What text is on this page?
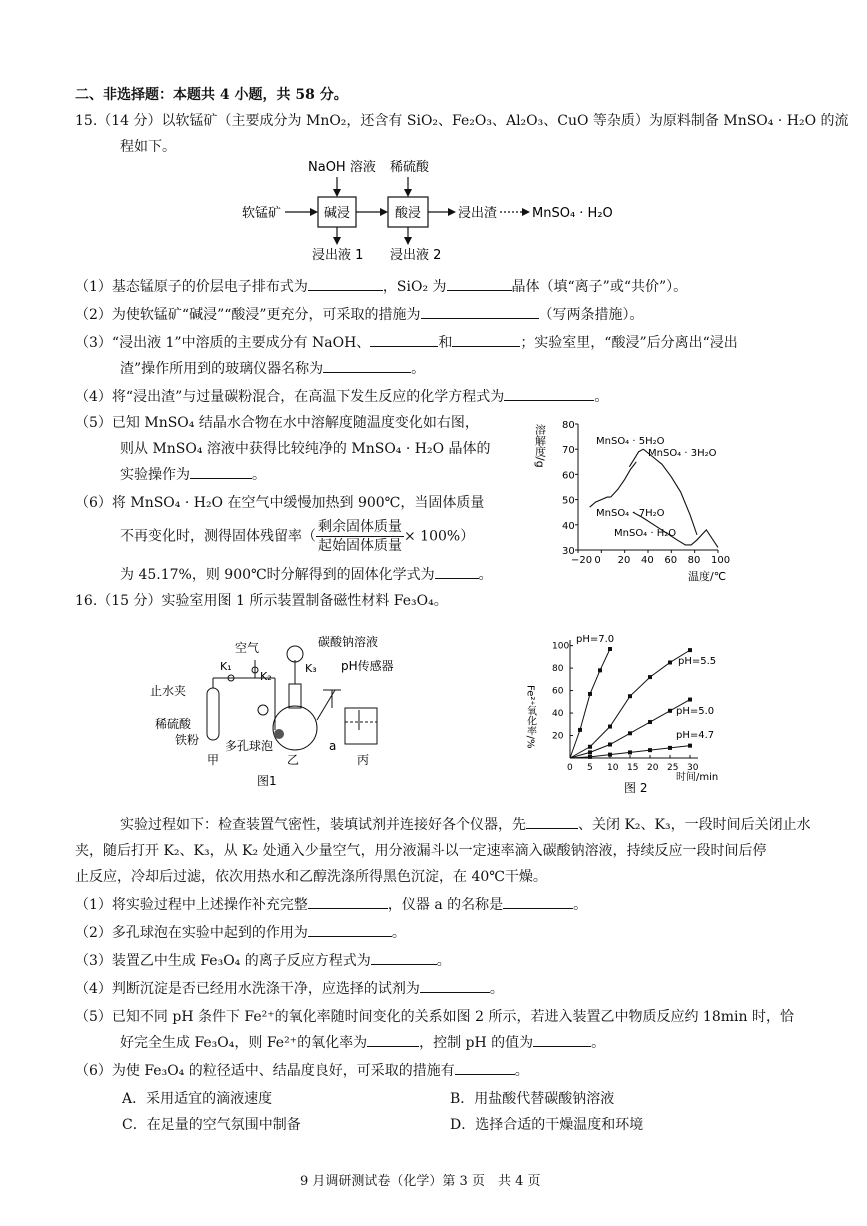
二、非选择题：本题共 4 小题，共 58 分。
15.（14 分）以软锰矿（主要成分为 MnO₂，还含有 SiO₂、Fe₂O₃、Al₂O₃、CuO 等杂质）为原料制备 MnSO₄ · H₂O 的流
程如下。
NaOH 溶液 稀硫酸
软锰矿	碱浸	酸浸	浸出渣	MnSO₄ · H₂O
浸出液 1 浸出液 2
（1）基态锰原子的价层电子排布式为	，SiO₂ 为	晶体（填“离子”或“共价”）。
（2）为使软锰矿“碱浸”“酸浸”更充分，可采取的措施为	（写两条措施）。
（3）“浸出液 1”中溶质的主要成分有 NaOH、	和	；实验室里，“酸浸”后分离出“浸出
渣”操作所用到的玻璃仪器名称为	。
（4）将“浸出渣”与过量碳粉混合，在高温下发生反应的化学方程式为	。
（5）已知 MnSO₄ 结晶水合物在水中溶解度随温度变化如右图，
则从 MnSO₄ 溶液中获得比较纯净的 MnSO₄ · H₂O 晶体的
实验操作为	。
（6）将 MnSO₄ · H₂O 在空气中缓慢加热到 900℃，当固体质量
不再变化时，测得固体残留率（ $\frac{\text{剩余固体质量}}{\text{起始固体质量}}\times 100\%$）
为 45.17%，则 900℃时分解得到的固体化学式为	。
−20 0 20 40 60 80 100
30
40
50
60
70
80
溶解度/g
温度/℃
MnSO₄ · 5H₂O
MnSO₄ · 3H₂O
MnSO₄ · 7H₂O
MnSO₄ · H₂O
16.（15 分）实验室用图 1 所示装置制备磁性材料 Fe₃O₄。
空气	碳酸钠溶液
K₁
K₂
K₃ pH传感器
止水夹
稀硫酸
铁粉 多孔球泡	a
甲	乙	丙
图1
0 5 10 15 20 25 30
20
40
60
80
100
Fe²⁺氧化率/%
时间/min
图 2
pH=7.0
pH=5.5
pH=5.0
pH=4.7
实验过程如下：检查装置气密性，装填试剂并连接好各个仪器，先	、关闭 K₂、K₃，一段时间后关闭止水
夹，随后打开 K₂、K₃，从 K₂ 处通入少量空气，用分液漏斗以一定速率滴入碳酸钠溶液，持续反应一段时间后停
止反应，冷却后过滤，依次用热水和乙醇洗涤所得黑色沉淀，在 40℃干燥。
（1）将实验过程中上述操作补充完整	，仪器 a 的名称是	。
（2）多孔球泡在实验中起到的作用为	。
（3）装置乙中生成 Fe₃O₄ 的离子反应方程式为	。
（4）判断沉淀是否已经用水洗涤干净，应选择的试剂为	。
（5）已知不同 pH 条件下 Fe²⁺的氧化率随时间变化的关系如图 2 所示，若进入装置乙中物质反应约 18min 时，恰
好完全生成 Fe₃O₄，则 Fe²⁺的氧化率为	，控制 pH 的值为	。
（6）为使 Fe₃O₄ 的粒径适中、结晶度良好，可采取的措施有	。
A．采用适宜的滴液速度	B．用盐酸代替碳酸钠溶液
C．在足量的空气氛围中制备	D．选择合适的干燥温度和环境
9 月调研测试卷（化学）第 3 页　共 4 页
